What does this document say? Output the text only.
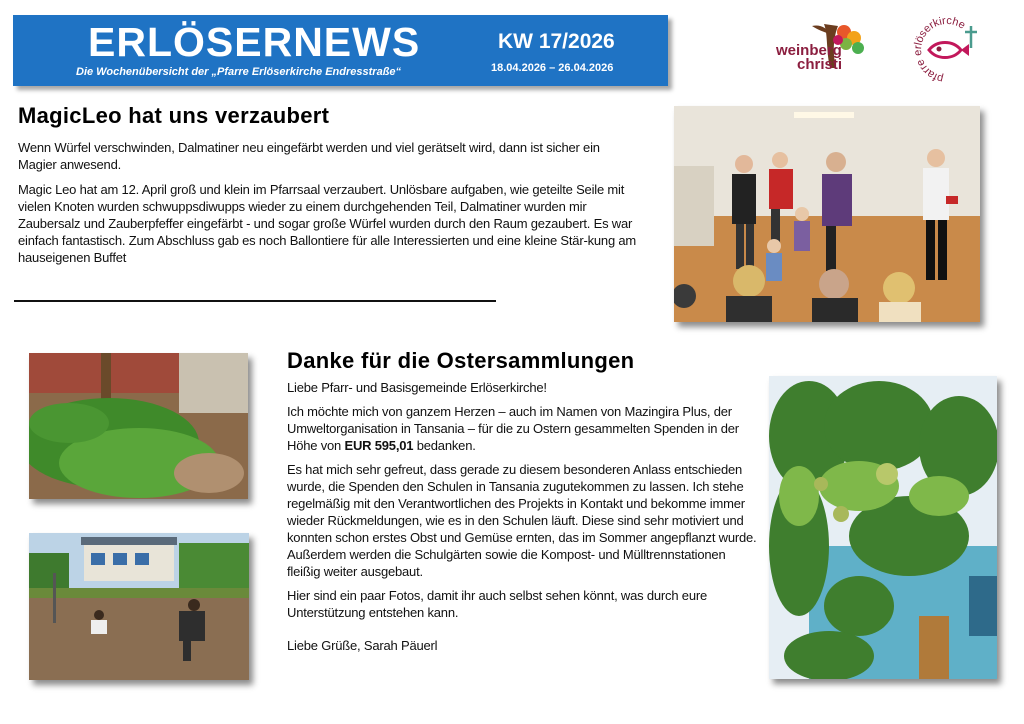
ERLÖSERNEWS
Die Wochenübersicht der „Pfarre Erlöserkirche Endresstraße“
KW 17/2026
18.04.2026 – 26.04.2026
weinberg
christi
pfarre erlöserkirche
MagicLeo hat uns verzaubert

Wenn Würfel verschwinden, Dalmatiner neu eingefärbt werden und viel gerätselt wird, dann ist sicher ein Magier anwesend.

Magic Leo hat am 12. April groß und klein im Pfarrsaal verzaubert. Unlösbare aufgaben, wie geteilte Seile mit vielen Knoten wurden schwuppsdiwupps wieder zu einem durchgehenden Teil, Dalmatiner wurden mir Zaubersalz und Zauberpfeffer eingefärbt - und sogar große Würfel wurden durch den Raum gezaubert. Es war einfach fantastisch. Zum Abschluss gab es noch Ballontiere für alle Interessierten und eine kleine Stär-kung am hauseigenen Buffet

Danke für die Ostersammlungen

Liebe Pfarr- und Basisgemeinde Erlöserkirche!

Ich möchte mich von ganzem Herzen – auch im Namen von Mazingira Plus, der Umweltorganisation in Tansania – für die zu Ostern gesammelten Spenden in der Höhe von EUR 595,01 bedanken.

Es hat mich sehr gefreut, dass gerade zu diesem besonderen Anlass entschieden wurde, die Spenden den Schulen in Tansania zugutekommen zu lassen. Ich stehe regelmäßig mit den Verantwortlichen des Projekts in Kontakt und bekomme immer wieder Rückmeldungen, wie es in den Schulen läuft. Diese sind sehr motiviert und konnten schon erstes Obst und Gemüse ernten, das im Sommer angepflanzt wurde. Außerdem werden die Schulgärten sowie die Kompost- und Mülltrennstationen fleißig weiter ausgebaut.

Hier sind ein paar Fotos, damit ihr auch selbst sehen könnt, was durch eure Unterstützung entstehen kann.

Liebe Grüße, Sarah Päuerl
